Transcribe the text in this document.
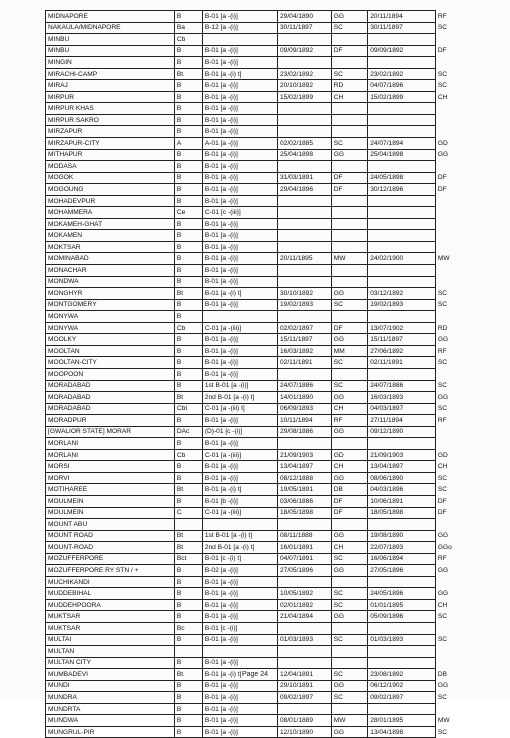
MIDNAPORE	B	B-01 [a -(i)]	29/04/1890	GG	20/11/1894	RF
NAKAULA/MIDNAPORE	Ba	B-12 [a -(i)]	30/11/1897	SC	30/11/1897	SC
MINBU	Cb					
MINBU	B	B-01 [a -(i)]	09/09/1892	DF	09/09/1892	DF
MINGIN	B	B-01 [a -(i)]				
MIRACHI-CAMP	Bt	B-01 [a -(i) t]	23/02/1892	SC	23/02/1892	SC
MIRAJ	B	B-01 [a -(i)]	20/10/1892	RD	04/07/1896	SC
MIRPUR	B	B-01 [a -(i)]	15/02/1899	CH	15/02/1899	CH
MIRPUR KHAS	B	B-01 [a -(i)]				
MIRPUR SAKRO	B	B-01 [a -(i)]				
MIRZAPUR	B	B-01 [a -(i)]				
MIRZAPUR-CITY	A	A-01 [a -(i)]	02/02/1885	SC	24/07/1894	GD
MITHAPUR	B	B-01 [a -(i)]	25/04/1898	GG	25/04/1898	GG
MODASA	B	B-01 [a -(i)]				
MOGOK	B	B-01 [a -(i)]	31/03/1891	DF	24/05/1898	DF
MOGOUNG	B	B-01 [a -(i)]	29/04/1896	DF	30/12/1896	DF
MOHADEVPUR	B	B-01 [a -(i)]				
MOHAMMERA	Ce	C-01 [c -(iii)]				
MOKAMEH-GHAT	B	B-01 [a -(i)]				
MOKAMEN	B	B-01 [a -(i)]				
MOKTSAR	B	B-01 [a -(i)]				
MOMINABAD	B	B-01 [a -(i)]	20/11/1895	MW	24/02/1900	MW
MONACHAR	B	B-01 [a -(i)]				
MONDWA	B	B-01 [a -(i)]				
MONGHYR	Bt	B-01 [a -(i) t]	30/10/1892	GG	03/12/1892	SC
MONTGOMERY	B	B-01 [a -(i)]	19/02/1893	SC	19/02/1893	SC
MONYWA	B					
MONYWA	Cb	C-01 [a -(iii)]	02/02/1897	DF	13/07/1902	RD
MOOLKY	B	B-01 [a -(i)]	15/11/1897	GG	15/11/1897	GG
MOOLTAN	B	B-01 [a -(i)]	16/03/1892	MM	27/06/1892	RF
MOOLTAN-CITY	B	B-01 [a -(i)]	02/11/1891	SC	02/11/1891	SC
MOOPOON	B	B-01 [a -(i)]				
MORADABAD	B	1st B-01 [a -(i)]	24/07/1886	SC	24/07/1886	SC
MORADABAD	Bt	2nd B-01 [a -(i) t]	14/01/1890	GG	16/03/1893	GG
MORADABAD	Cbt	C-01 [a -(iii) t]	06/09/1893	CH	04/03/1897	SC
MORADPUR	B	B-01 [a -(i)]	10/11/1894	RF	27/11/1894	RF
[GWALIOR STATE] MORAR	DAc	(D)-01 [c -(i)]	29/08/1886	GG	09/12/1890	
MORLANI	B	B-01 [a -(i)]				
MORLANI	Cb	C-01 [a -(iii)]	21/09/1903	GD	21/09/1903	GD
MORSI	B	B-01 [a -(i)]	13/04/1897	CH	13/04/1897	CH
MORVI	B	B-01 [a -(i)]	08/12/1888	GG	08/06/1890	SC
MOTIHAREE	Bt	B-01 [a -(i) t]	19/05/1891	DB	04/03/1896	SC
MOULMEIN	B	B-01 [b -(i)]	03/06/1886	DF	10/06/1891	DF
MOULMEIN	C	C-01 [a -(iii)]	18/05/1898	DF	18/05/1898	DF
MOUNT ABU						
MOUNT ROAD	Bt	1st B-01 [a -(i) t]	08/11/1888	GG	19/08/1890	GG
MOUNT-ROAD	Bt	2nd B-01 [a -(i) t]	16/01/1891	CH	22/07/1893	GGo
MOZUFFERPORE	Bct	B-01 [c -(i) t]	04/07/1891	SC	16/06/1894	RF
MOZUFFERPORE RY STN / +	B	B-02 [a -(i)]	27/05/1896	GG	27/05/1896	GG
MUCHIKANDI	B	B-01 [a -(i)]				
MUDDEBIHAL	B	B-01 [a -(i)]	10/05/1892	SC	24/05/1896	GG
MUDDEHPOORA	B	B-01 [a -(i)]	02/01/1892	SC	01/01/1895	CH
MUKTSAR	B	B-01 [a -(i)]	21/04/1894	GG	05/09/1896	SC
MUKTSAR	Bc	B-01 [c -(i)]				
MULTAI	B	B-01 [a -(i)]	01/03/1893	SC	01/03/1893	SC
MULTAN						
MULTAN CITY	B	B-01 [a -(i)]				
MUMBADEVI	Bt	B-01 [a -(i) t]	12/04/1891	SC	23/08/1892	DB
MUNDI	B	B-01 [a -(i)]	29/10/1891	GG	06/12/1902	GG
MUNDRA	B	B-01 [a -(i)]	09/02/1897	SC	09/02/1897	SC
MUNDRTA	B	B-01 [a -(i)]				
MUNDWA	B	B-01 [a -(i)]	08/01/1889	MW	28/01/1895	MW
MUNGRUL-PIR	B	B-01 [a -(i)]	12/10/1890	GG	13/04/1898	SC
Page 24
